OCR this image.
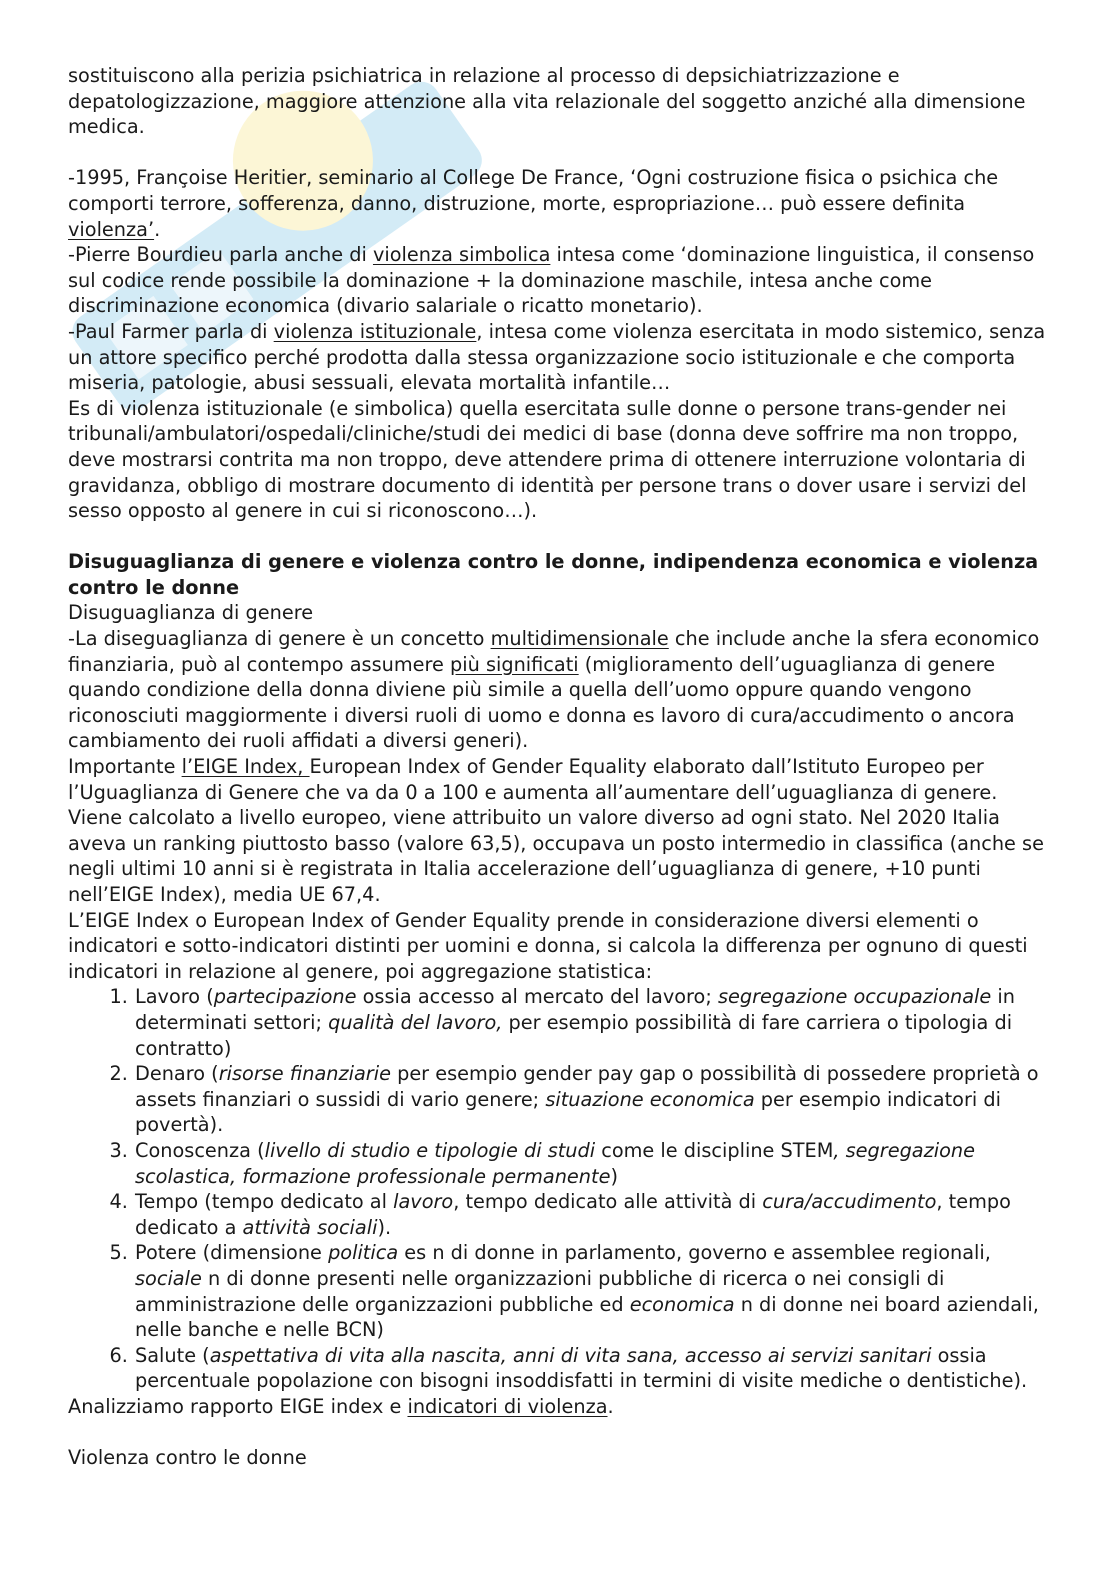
sostituiscono alla perizia psichiatrica in relazione al processo di depsichiatrizzazione e depatologizzazione, maggiore attenzione alla vita relazionale del soggetto anziché alla dimensione medica.

-1995, Françoise Heritier, seminario al College De France, ‘Ogni costruzione fisica o psichica che comporti terrore, sofferenza, danno, distruzione, morte, espropriazione… può essere definita violenza’.

-Pierre Bourdieu parla anche di violenza simbolica intesa come ‘dominazione linguistica, il consenso sul codice rende possibile la dominazione + la dominazione maschile, intesa anche come discriminazione economica (divario salariale o ricatto monetario).

-Paul Farmer parla di violenza istituzionale, intesa come violenza esercitata in modo sistemico, senza un attore specifico perché prodotta dalla stessa organizzazione socio istituzionale e che comporta miseria, patologie, abusi sessuali, elevata mortalità infantile…

Es di violenza istituzionale (e simbolica) quella esercitata sulle donne o persone trans-gender nei tribunali/ambulatori/ospedali/cliniche/studi dei medici di base (donna deve soffrire ma non troppo, deve mostrarsi contrita ma non troppo, deve attendere prima di ottenere interruzione volontaria di gravidanza, obbligo di mostrare documento di identità per persone trans o dover usare i servizi del sesso opposto al genere in cui si riconoscono…).

Disuguaglianza di genere e violenza contro le donne, indipendenza economica e violenza contro le donne

Disuguaglianza di genere

-La diseguaglianza di genere è un concetto multidimensionale che include anche la sfera economico finanziaria, può al contempo assumere più significati (miglioramento dell’uguaglianza di genere quando condizione della donna diviene più simile a quella dell’uomo oppure quando vengono riconosciuti maggiormente i diversi ruoli di uomo e donna es lavoro di cura/accudimento o ancora cambiamento dei ruoli affidati a diversi generi).

Importante l’EIGE Index, European Index of Gender Equality elaborato dall’Istituto Europeo per l’Uguaglianza di Genere che va da 0 a 100 e aumenta all’aumentare dell’uguaglianza di genere. Viene calcolato a livello europeo, viene attribuito un valore diverso ad ogni stato. Nel 2020 Italia aveva un ranking piuttosto basso (valore 63,5), occupava un posto intermedio in classifica (anche se negli ultimi 10 anni si è registrata in Italia accelerazione dell’uguaglianza di genere, +10 punti nell’EIGE Index), media UE 67,4.

L’EIGE Index o European Index of Gender Equality prende in considerazione diversi elementi o indicatori e sotto-indicatori distinti per uomini e donna, si calcola la differenza per ognuno di questi indicatori in relazione al genere, poi aggregazione statistica:

1. Lavoro (partecipazione ossia accesso al mercato del lavoro; segregazione occupazionale in determinati settori; qualità del lavoro, per esempio possibilità di fare carriera o tipologia di contratto)
2. Denaro (risorse finanziarie per esempio gender pay gap o possibilità di possedere proprietà o assets finanziari o sussidi di vario genere; situazione economica per esempio indicatori di povertà).
3. Conoscenza (livello di studio e tipologie di studi come le discipline STEM, segregazione scolastica, formazione professionale permanente)
4. Tempo (tempo dedicato al lavoro, tempo dedicato alle attività di cura/accudimento, tempo dedicato a attività sociali).
5. Potere (dimensione politica es n di donne in parlamento, governo e assemblee regionali, sociale n di donne presenti nelle organizzazioni pubbliche di ricerca o nei consigli di amministrazione delle organizzazioni pubbliche ed economica n di donne nei board aziendali, nelle banche e nelle BCN)
6. Salute (aspettativa di vita alla nascita, anni di vita sana, accesso ai servizi sanitari ossia percentuale popolazione con bisogni insoddisfatti in termini di visite mediche o dentistiche).

Analizziamo rapporto EIGE index e indicatori di violenza.

Violenza contro le donne
